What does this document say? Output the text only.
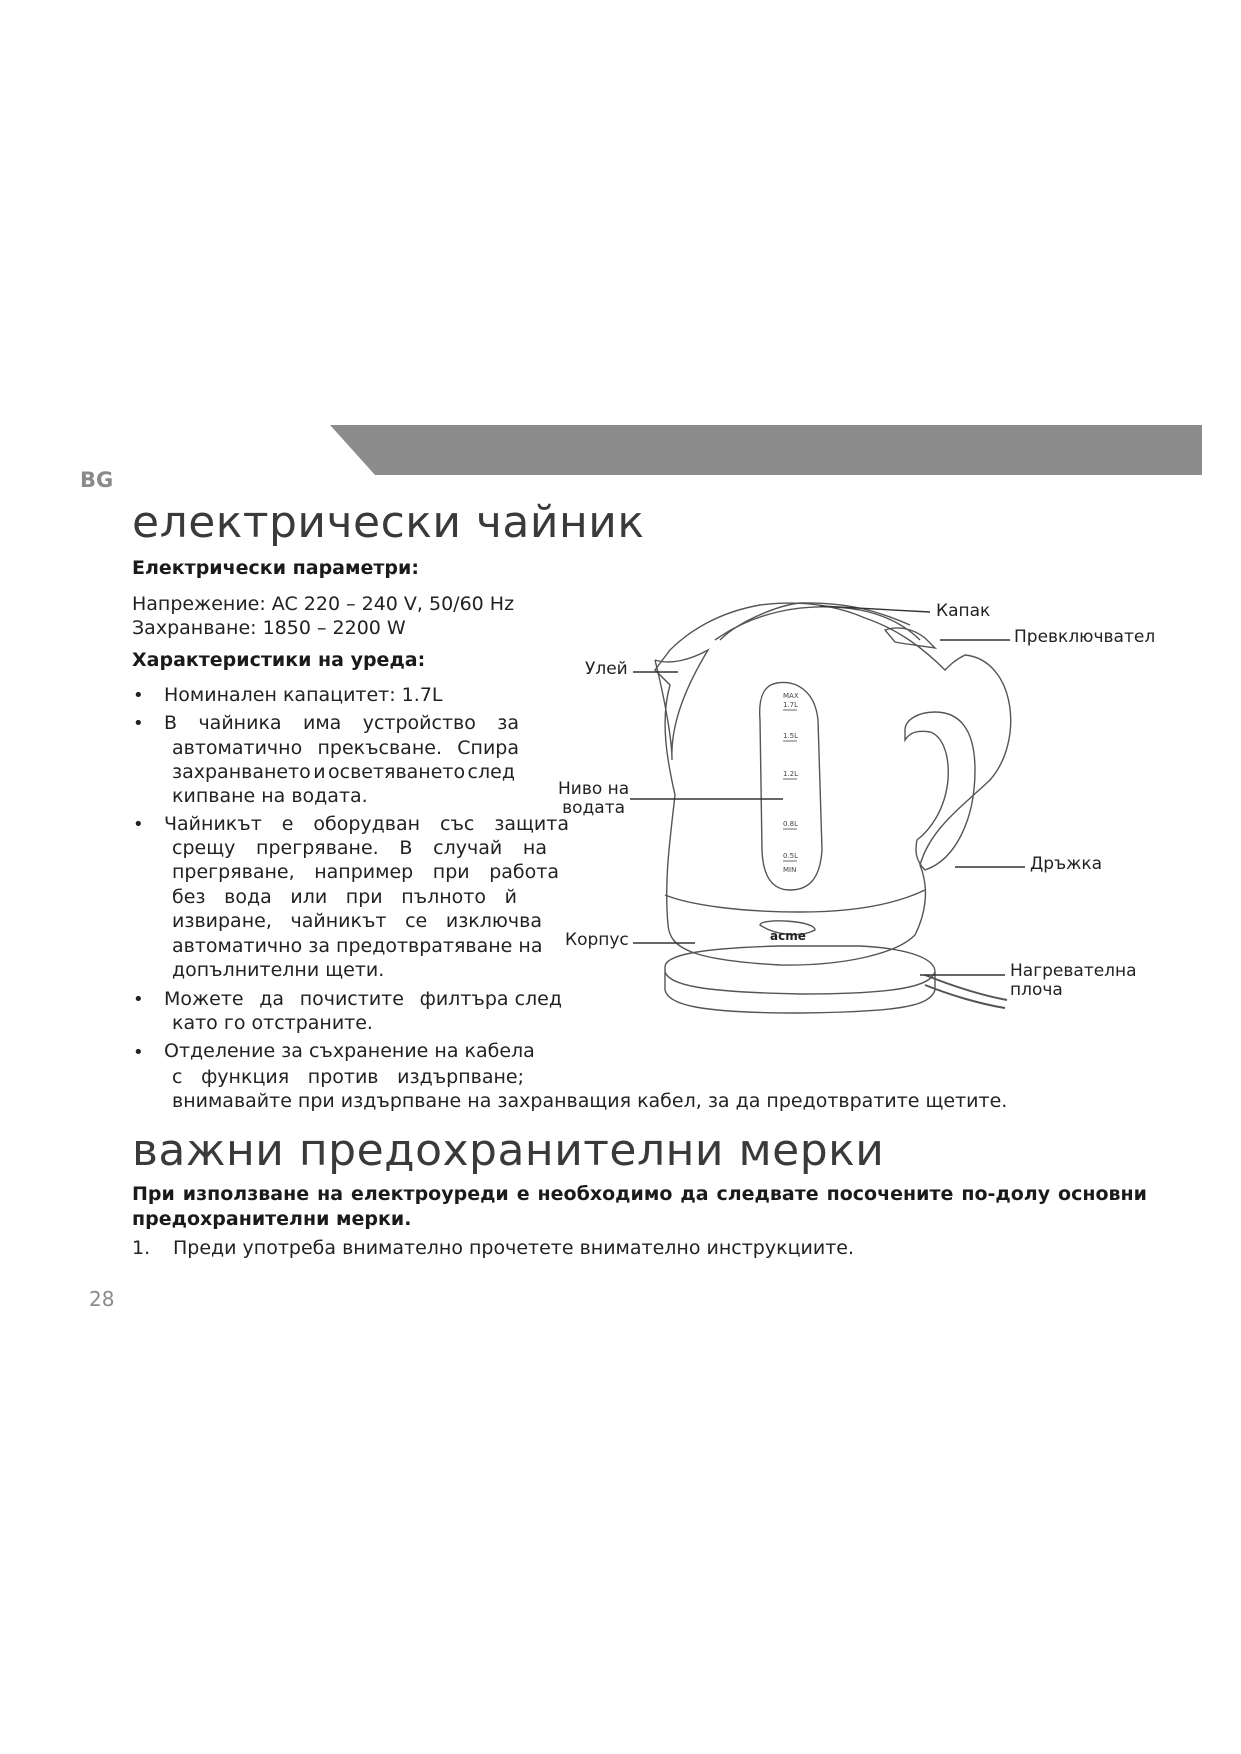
BG
електрически чайник
Електрически параметри:
Напрежение: AC 220 – 240 V, 50/60 Hz
Захранване: 1850 – 2200 W
Характеристики на уреда:
• Номинален капацитет: 1.7L
• В чайника има устройство за
автоматично прекъсване. Спира
захранването и осветяването след
кипване на водата.
• Чайникът е оборудван със защита
срещу прегряване. В случай на
прегряване, например при работа
без вода или при пълното й
извиране, чайникът се изключва
автоматично за предотвратяване на
допълнителни щети.
• Можете да почистите филтъра след
като го отстраните.
• Отделение за съхранение на кабела
с функция против издърпване;
внимавайте при издърпване на захранващия кабел, за да предотвратите щетите.
MAX
1.7L
1.5L
1.2L
0.8L
0.5L
MIN
acme
Капак
Превключвател
Улей
Ниво на
водата
Дръжка
Корпус
Нагревателна
плоча
важни предохранителни мерки
При използване на електроуреди е необходимо да следвате посочените по-долу основни
предохранителни мерки.
1. Преди употреба внимателно прочетете внимателно инструкциите.
28
